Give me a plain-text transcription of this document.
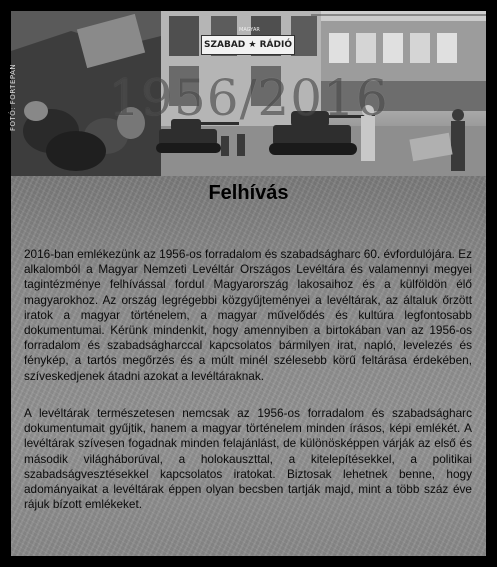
MAGYAR
SZABAD ★ RÁDIÓ
1956/2016
FOTÓ: FORTEPAN
Felhívás

2016-ban emlékezünk az 1956-os forradalom és szabadságharc 60. évfordulójára. Ez alkalomból a Magyar Nemzeti Levéltár Országos Levéltára és valamennyi megyei tagintézménye felhívással fordul Magyarország lakosaihoz és a külföldön élő magyarokhoz. Az ország legrégebbi közgyűjteményei a levéltárak, az általuk őrzött iratok a magyar történelem, a magyar művelődés és kultúra legfontosabb dokumentumai. Kérünk mindenkit, hogy amennyiben a birtokában van az 1956-os forradalom és szabadságharccal kapcsolatos bármilyen irat, napló, levelezés és fénykép, a tartós megőrzés és a múlt minél szélesebb körű feltárása érdekében, szíveskedjenek átadni azokat a levéltáraknak.

A levéltárak természetesen nemcsak az 1956-os forradalom és szabadságharc dokumentumait gyűjtik, hanem a magyar történelem minden írásos, képi emlékét. A levéltárak szívesen fogadnak minden felajánlást, de különösképpen várják az első és második világháborúval, a holokauszttal, a kitelepítésekkel, a politikai szabadságvesztésekkel kapcsolatos iratokat. Biztosak lehetnek benne, hogy adományaikat a levéltárak éppen olyan becsben tartják majd, mint a több száz éve rájuk bízott emlékeket.
